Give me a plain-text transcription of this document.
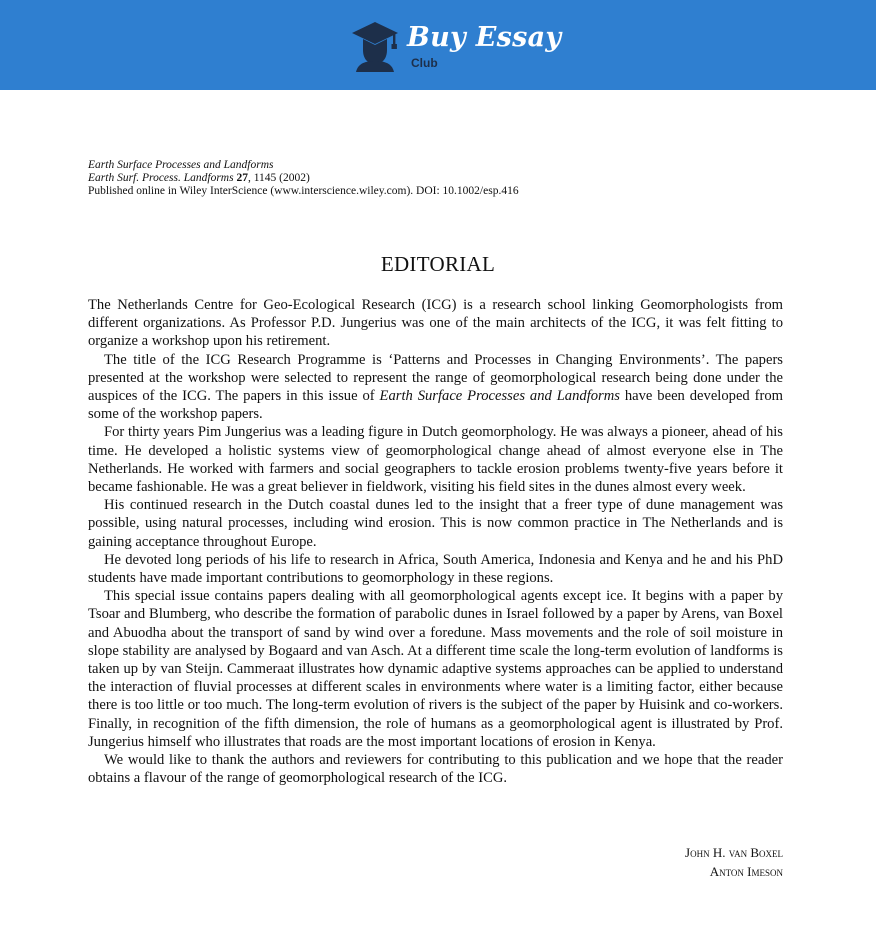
Buy Essay
Club
Earth Surface Processes and Landforms
Earth Surf. Process. Landforms 27, 1145 (2002)
Published online in Wiley InterScience (www.interscience.wiley.com). DOI: 10.1002/esp.416
EDITORIAL

The Netherlands Centre for Geo-Ecological Research (ICG) is a research school linking Geomorphologists from different organizations. As Professor P.D. Jungerius was one of the main architects of the ICG, it was felt fitting to organize a workshop upon his retirement.

The title of the ICG Research Programme is ‘Patterns and Processes in Changing Environments’. The papers presented at the workshop were selected to represent the range of geomorphological research being done under the auspices of the ICG. The papers in this issue of Earth Surface Processes and Landforms have been developed from some of the workshop papers.

For thirty years Pim Jungerius was a leading figure in Dutch geomorphology. He was always a pioneer, ahead of his time. He developed a holistic systems view of geomorphological change ahead of almost everyone else in The Netherlands. He worked with farmers and social geographers to tackle erosion problems twenty-five years before it became fashionable. He was a great believer in fieldwork, visiting his field sites in the dunes almost every week.

His continued research in the Dutch coastal dunes led to the insight that a freer type of dune management was possible, using natural processes, including wind erosion. This is now common practice in The Netherlands and is gaining acceptance throughout Europe.

He devoted long periods of his life to research in Africa, South America, Indonesia and Kenya and he and his PhD students have made important contributions to geomorphology in these regions.

This special issue contains papers dealing with all geomorphological agents except ice. It begins with a paper by Tsoar and Blumberg, who describe the formation of parabolic dunes in Israel followed by a paper by Arens, van Boxel and Abuodha about the transport of sand by wind over a foredune. Mass movements and the role of soil moisture in slope stability are analysed by Bogaard and van Asch. At a different time scale the long-term evolution of landforms is taken up by van Steijn. Cammeraat illustrates how dynamic adaptive systems approaches can be applied to understand the interaction of fluvial processes at different scales in environments where water is a limiting factor, either because there is too little or too much. The long-term evolution of rivers is the subject of the paper by Huisink and co-workers. Finally, in recognition of the fifth dimension, the role of humans as a geomorphological agent is illustrated by Prof. Jungerius himself who illustrates that roads are the most important locations of erosion in Kenya.

We would like to thank the authors and reviewers for contributing to this publication and we hope that the reader obtains a flavour of the range of geomorphological research of the ICG.

John H. van Boxel
Anton Imeson
